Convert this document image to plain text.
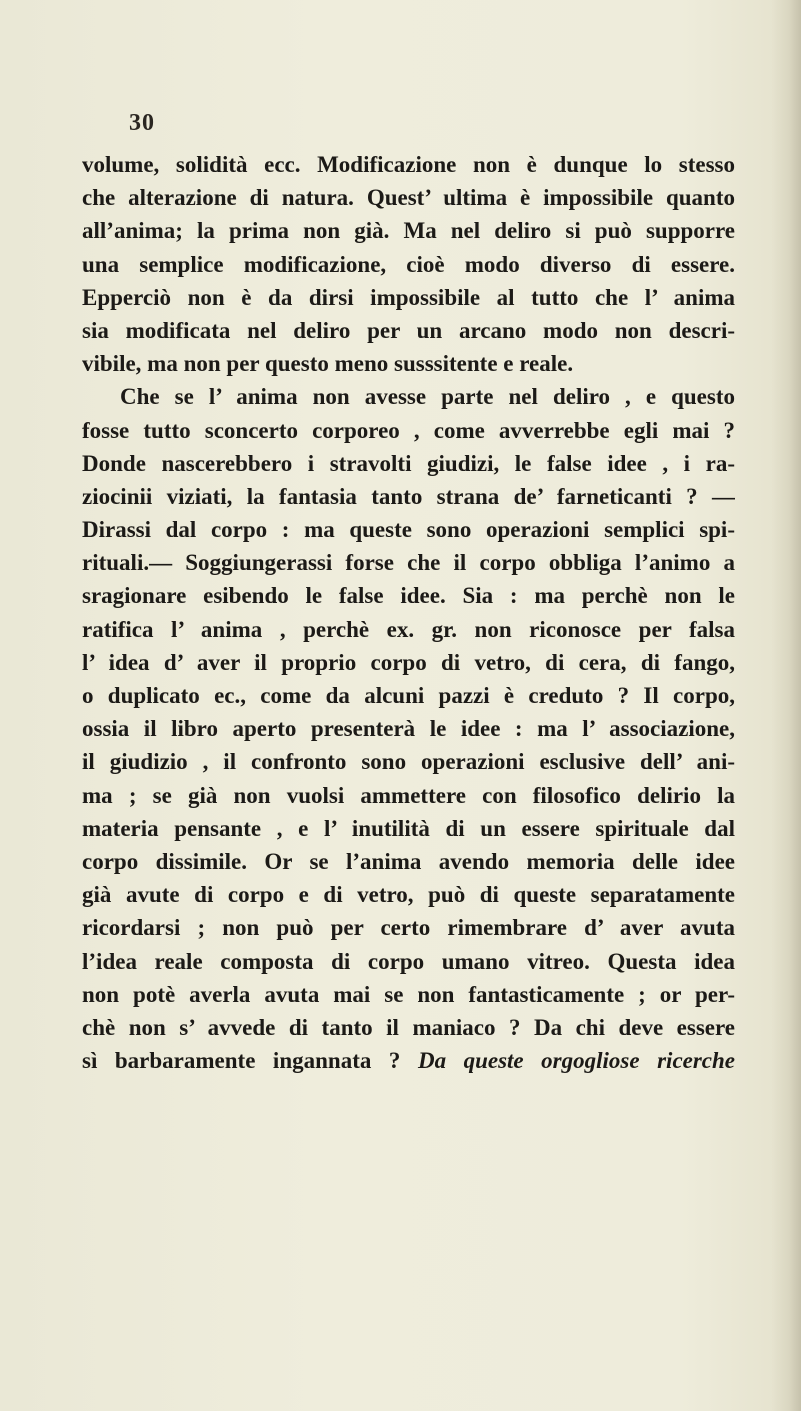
30
volume, solidità ecc. Modificazione non è dunque lo stesso
che alterazione di natura. Quest’ ultima è impossibile quanto
all’anima; la prima non già. Ma nel deliro si può supporre
una semplice modificazione, cioè modo diverso di essere.
Epperciò non è da dirsi impossibile al tutto che l’ anima
sia modificata nel deliro per un arcano modo non descri-
vibile, ma non per questo meno susssitente e reale.
Che se l’ anima non avesse parte nel deliro , e questo
fosse tutto sconcerto corporeo , come avverrebbe egli mai ?
Donde nascerebbero i stravolti giudizi, le false idee , i ra-
ziocinii viziati, la fantasia tanto strana de’ farneticanti ? —
Dirassi dal corpo : ma queste sono operazioni semplici spi-
rituali.— Soggiungerassi forse che il corpo obbliga l’animo a
sragionare esibendo le false idee. Sia : ma perchè non le
ratifica l’ anima , perchè ex. gr. non riconosce per falsa
l’ idea d’ aver il proprio corpo di vetro, di cera, di fango,
o duplicato ec., come da alcuni pazzi è creduto ? Il corpo,
ossia il libro aperto presenterà le idee : ma l’ associazione,
il giudizio , il confronto sono operazioni esclusive dell’ ani-
ma ; se già non vuolsi ammettere con filosofico delirio la
materia pensante , e l’ inutilità di un essere spirituale dal
corpo dissimile. Or se l’anima avendo memoria delle idee
già avute di corpo e di vetro, può di queste separatamente
ricordarsi ; non può per certo rimembrare d’ aver avuta
l’idea reale composta di corpo umano vitreo. Questa idea
non potè averla avuta mai se non fantasticamente ; or per-
chè non s’ avvede di tanto il maniaco ? Da chi deve essere
sì barbaramente ingannata ? Da queste orgogliose ricerche
